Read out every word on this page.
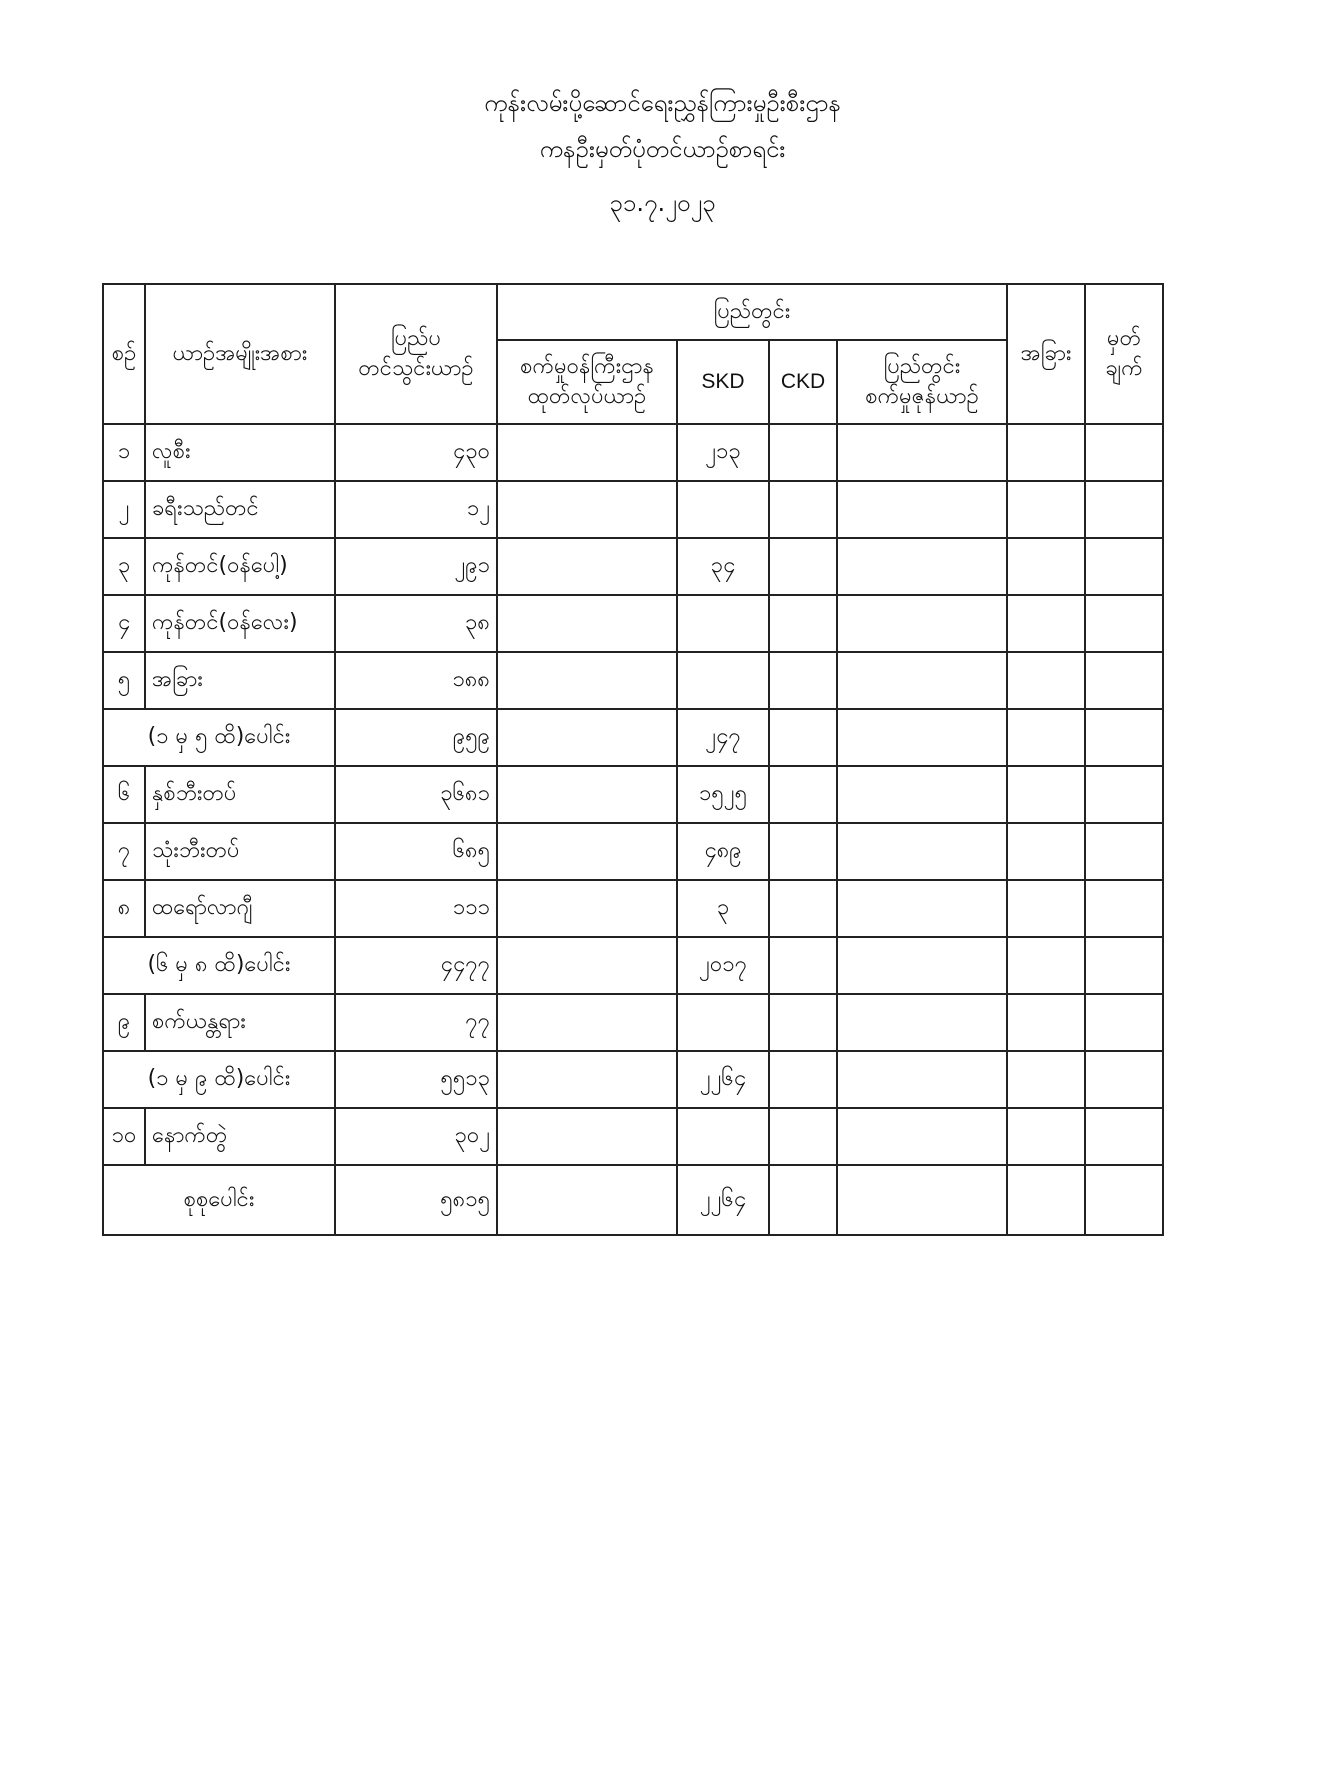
ကုန်းလမ်းပို့ဆောင်ရေးညွှန်ကြားမှုဦးစီးဌာန
ကနဦးမှတ်ပုံတင်ယာဉ်စာရင်း
၃၁.၇.၂၀၂၃
စဉ်	ယာဉ်အမျိုးအစား	ပြည်ပ
တင်သွင်းယာဉ်	ပြည်တွင်း				အခြား	မှတ်
ချက်

			စက်မှုဝန်ကြီးဌာန
ထုတ်လုပ်ယာဉ်	SKD	CKD	ပြည်တွင်း
စက်မှုဇုန်ယာဉ်		

၁	လူစီး	၄၃၀		၂၁၃				
၂	ခရီးသည်တင်	၁၂						
၃	ကုန်တင်(ဝန်ပေါ့)	၂၉၁		၃၄				
၄	ကုန်တင်(ဝန်လေး)	၃၈						
၅	အခြား	၁၈၈						
(၁ မှ ၅ ထိ)ပေါင်း		၉၅၉		၂၄၇				
၆	နှစ်ဘီးတပ်	၃၆၈၁		၁၅၂၅				
၇	သုံးဘီးတပ်	၆၈၅		၄၈၉				
၈	ထရော်လာဂျီ	၁၁၁		၃				
(၆ မှ ၈ ထိ)ပေါင်း		၄၄၇၇		၂၀၁၇				
၉	စက်ယန္တရား	၇၇						
(၁ မှ ၉ ထိ)ပေါင်း		၅၅၁၃		၂၂၆၄				
၁၀	နောက်တွဲ	၃၀၂						
စုစုပေါင်း		၅၈၁၅		၂၂၆၄				
